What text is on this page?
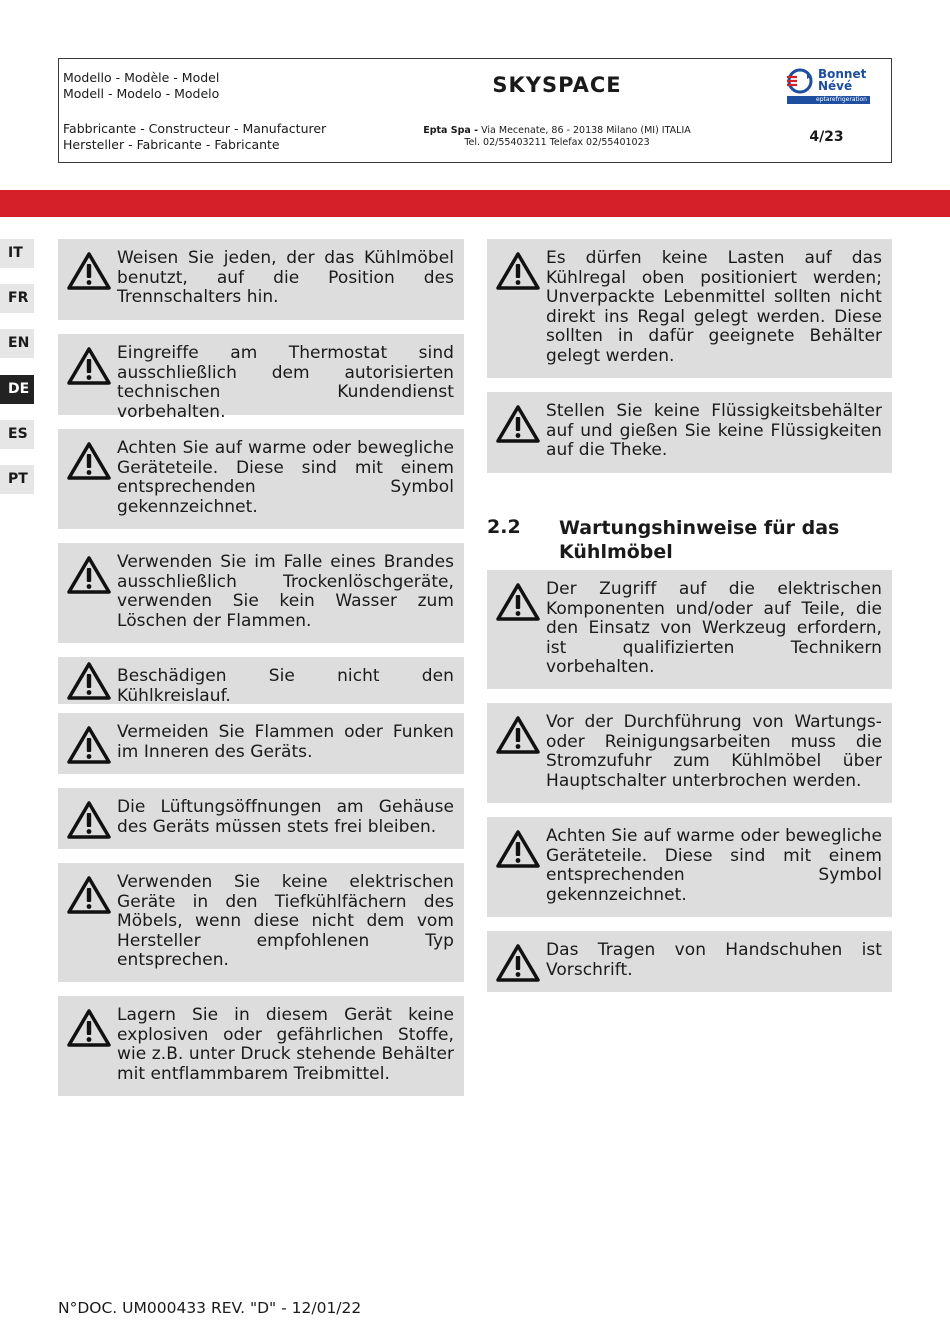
Modello - Modèle - Model
Modell - Modelo - Modelo	SKYSPACE	Bonnet
Névé
eptarefrigeration
Fabbricante - Constructeur - Manufacturer
Hersteller - Fabricante - Fabricante
Epta Spa - Via Mecenate, 86 - 20138 Milano (MI) ITALIA
Tel. 02/55403211 Telefax 02/55401023	4/23
IT
FR
EN
DE
ES
PT
Weisen Sie jeden, der das Kühlmöbel benutzt, auf die Position des Trennschalters hin.
Eingreiffe am Thermostat sind ausschließlich dem autorisierten technischen Kundendienst vorbehalten.
Achten Sie auf warme oder bewegliche Geräteteile. Diese sind mit einem entsprechenden Symbol gekennzeichnet.
Verwenden Sie im Falle eines Brandes ausschließlich Trockenlöschgeräte, verwenden Sie kein Wasser zum Löschen der Flammen.
Beschädigen Sie nicht den Kühlkreislauf.
Vermeiden Sie Flammen oder Funken im Inneren des Geräts.
Die Lüftungsöffnungen am Gehäuse des Geräts müssen stets frei bleiben.
Verwenden Sie keine elektrischen Geräte in den Tiefkühlfächern des Möbels, wenn diese nicht dem vom Hersteller empfohlenen Typ entsprechen.
Lagern Sie in diesem Gerät keine explosiven oder gefährlichen Stoffe, wie z.B. unter Druck stehende Behälter mit entflammbarem Treibmittel.
Es dürfen keine Lasten auf das Kühlregal oben positioniert werden; Unverpackte Lebenmittel sollten nicht direkt ins Regal gelegt werden. Diese sollten in dafür geeignete Behälter gelegt werden.
Stellen Sie keine Flüssigkeitsbehälter auf und gießen Sie keine Flüssigkeiten auf die Theke.
2.2 Wartungshinweise für das Kühlmöbel
Der Zugriff auf die elektrischen Komponenten und/oder auf Teile, die den Einsatz von Werkzeug erfordern, ist qualifizierten Technikern vorbehalten.
Vor der Durchführung von Wartungs- oder Reinigungsarbeiten muss die Stromzufuhr zum Kühlmöbel über Hauptschalter unterbrochen werden.
Achten Sie auf warme oder bewegliche Geräteteile. Diese sind mit einem entsprechenden Symbol gekennzeichnet.
Das Tragen von Handschuhen ist Vorschrift.
N°DOC. UM000433 REV. "D" - 12/01/22
